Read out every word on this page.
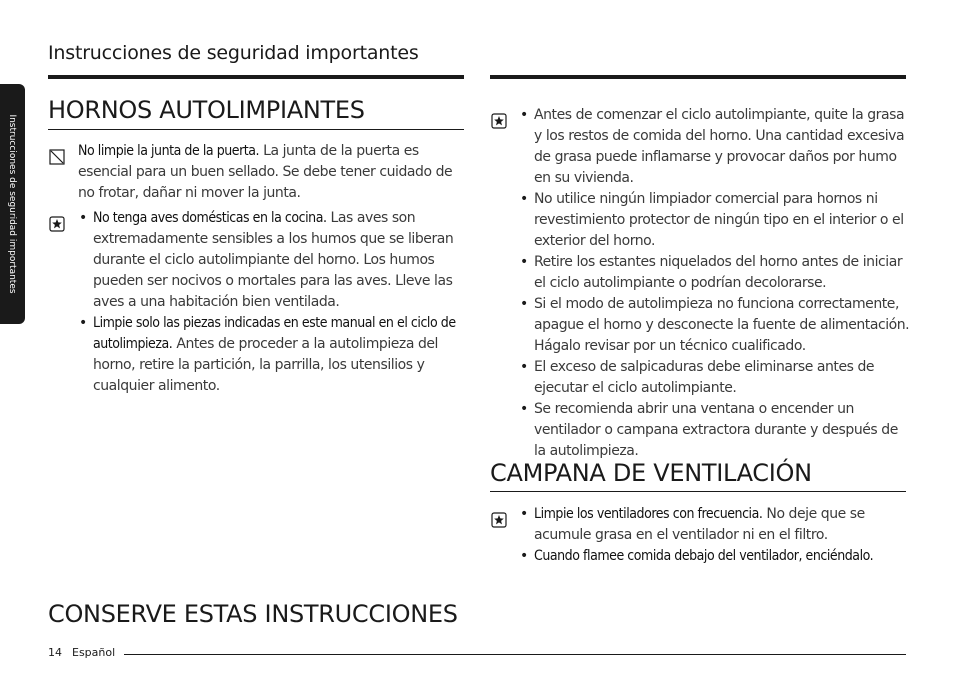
Instrucciones de seguridad importantes
Instrucciones de seguridad importantes
HORNOS AUTOLIMPIANTES
No limpie la junta de la puerta. La junta de la puerta es esencial para un buen sellado. Se debe tener cuidado de no frotar, dañar ni mover la junta.
• No tenga aves domésticas en la cocina. Las aves son extremadamente sensibles a los humos que se liberan durante el ciclo autolimpiante del horno. Los humos pueden ser nocivos o mortales para las aves. Lleve las aves a una habitación bien ventilada.
• Limpie solo las piezas indicadas en este manual en el ciclo de autolimpieza. Antes de proceder a la autolimpieza del horno, retire la partición, la parrilla, los utensilios y cualquier alimento.
CONSERVE ESTAS INSTRUCCIONES
• Antes de comenzar el ciclo autolimpiante, quite la grasa y los restos de comida del horno. Una cantidad excesiva de grasa puede inflamarse y provocar daños por humo en su vivienda.
• No utilice ningún limpiador comercial para hornos ni revestimiento protector de ningún tipo en el interior o el exterior del horno.
• Retire los estantes niquelados del horno antes de iniciar el ciclo autolimpiante o podrían decolorarse.
• Si el modo de autolimpieza no funciona correctamente, apague el horno y desconecte la fuente de alimentación. Hágalo revisar por un técnico cualificado.
• El exceso de salpicaduras debe eliminarse antes de ejecutar el ciclo autolimpiante.
• Se recomienda abrir una ventana o encender un ventilador o campana extractora durante y después de la autolimpieza.
CAMPANA DE VENTILACIÓN
• Limpie los ventiladores con frecuencia. No deje que se acumule grasa en el ventilador ni en el filtro.
• Cuando flamee comida debajo del ventilador, enciéndalo.
14 Español
